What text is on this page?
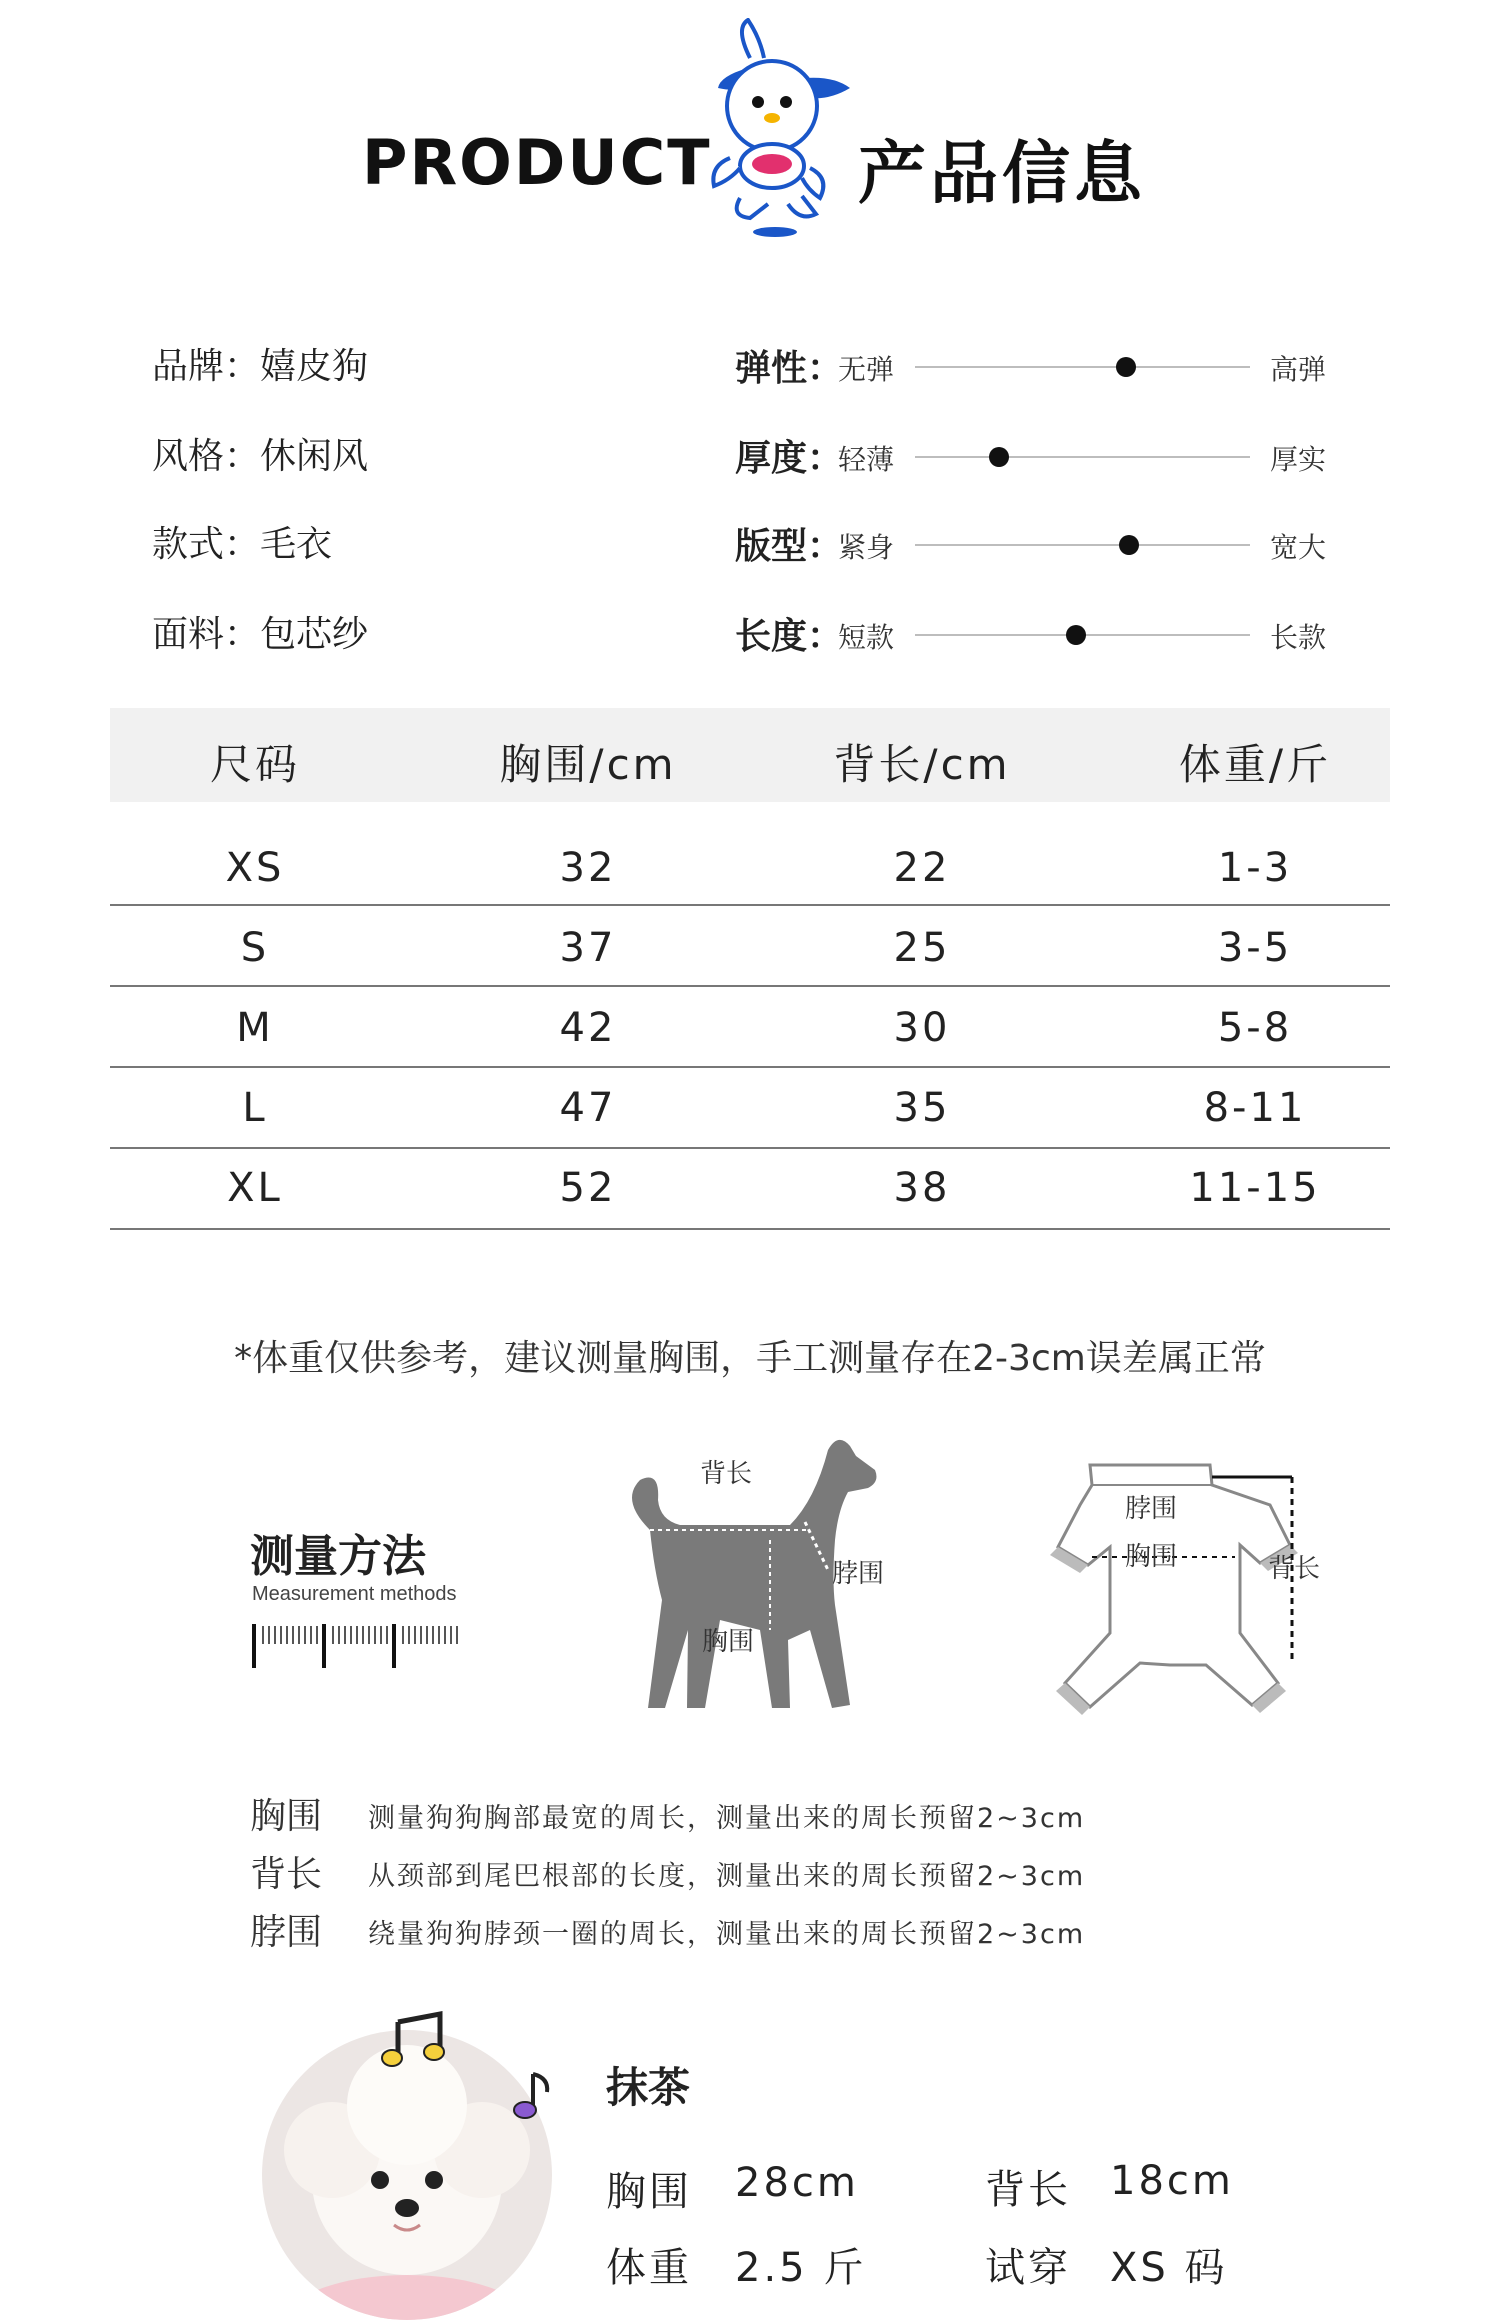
PRODUCT 产品信息
品牌：嬉皮狗
风格：休闲风
款式：毛衣
面料：包芯纱
弹性：
无弹	高弹
厚度：
轻薄	厚实
版型：
紧身	宽大
长度：
短款	长款
尺码	胸围/cm	背长/cm	体重/斤
XS	32	22	1-3
S	37	25	3-5
M	42	30	5-8
L	47	35	8-11
XL	52	38	11-15
*体重仅供参考，建议测量胸围，手工测量存在2-3cm误差属正常
测量方法
Measurement methods
背长
脖围
胸围
脖围
胸围	背长
胸围 测量狗狗胸部最宽的周长，测量出来的周长预留2~3cm
背长 从颈部到尾巴根部的长度，测量出来的周长预留2~3cm
脖围 绕量狗狗脖颈一圈的周长，测量出来的周长预留2~3cm
抹茶
胸围 28cm	背长 18cm
体重 2.5 斤	试穿 XS 码
